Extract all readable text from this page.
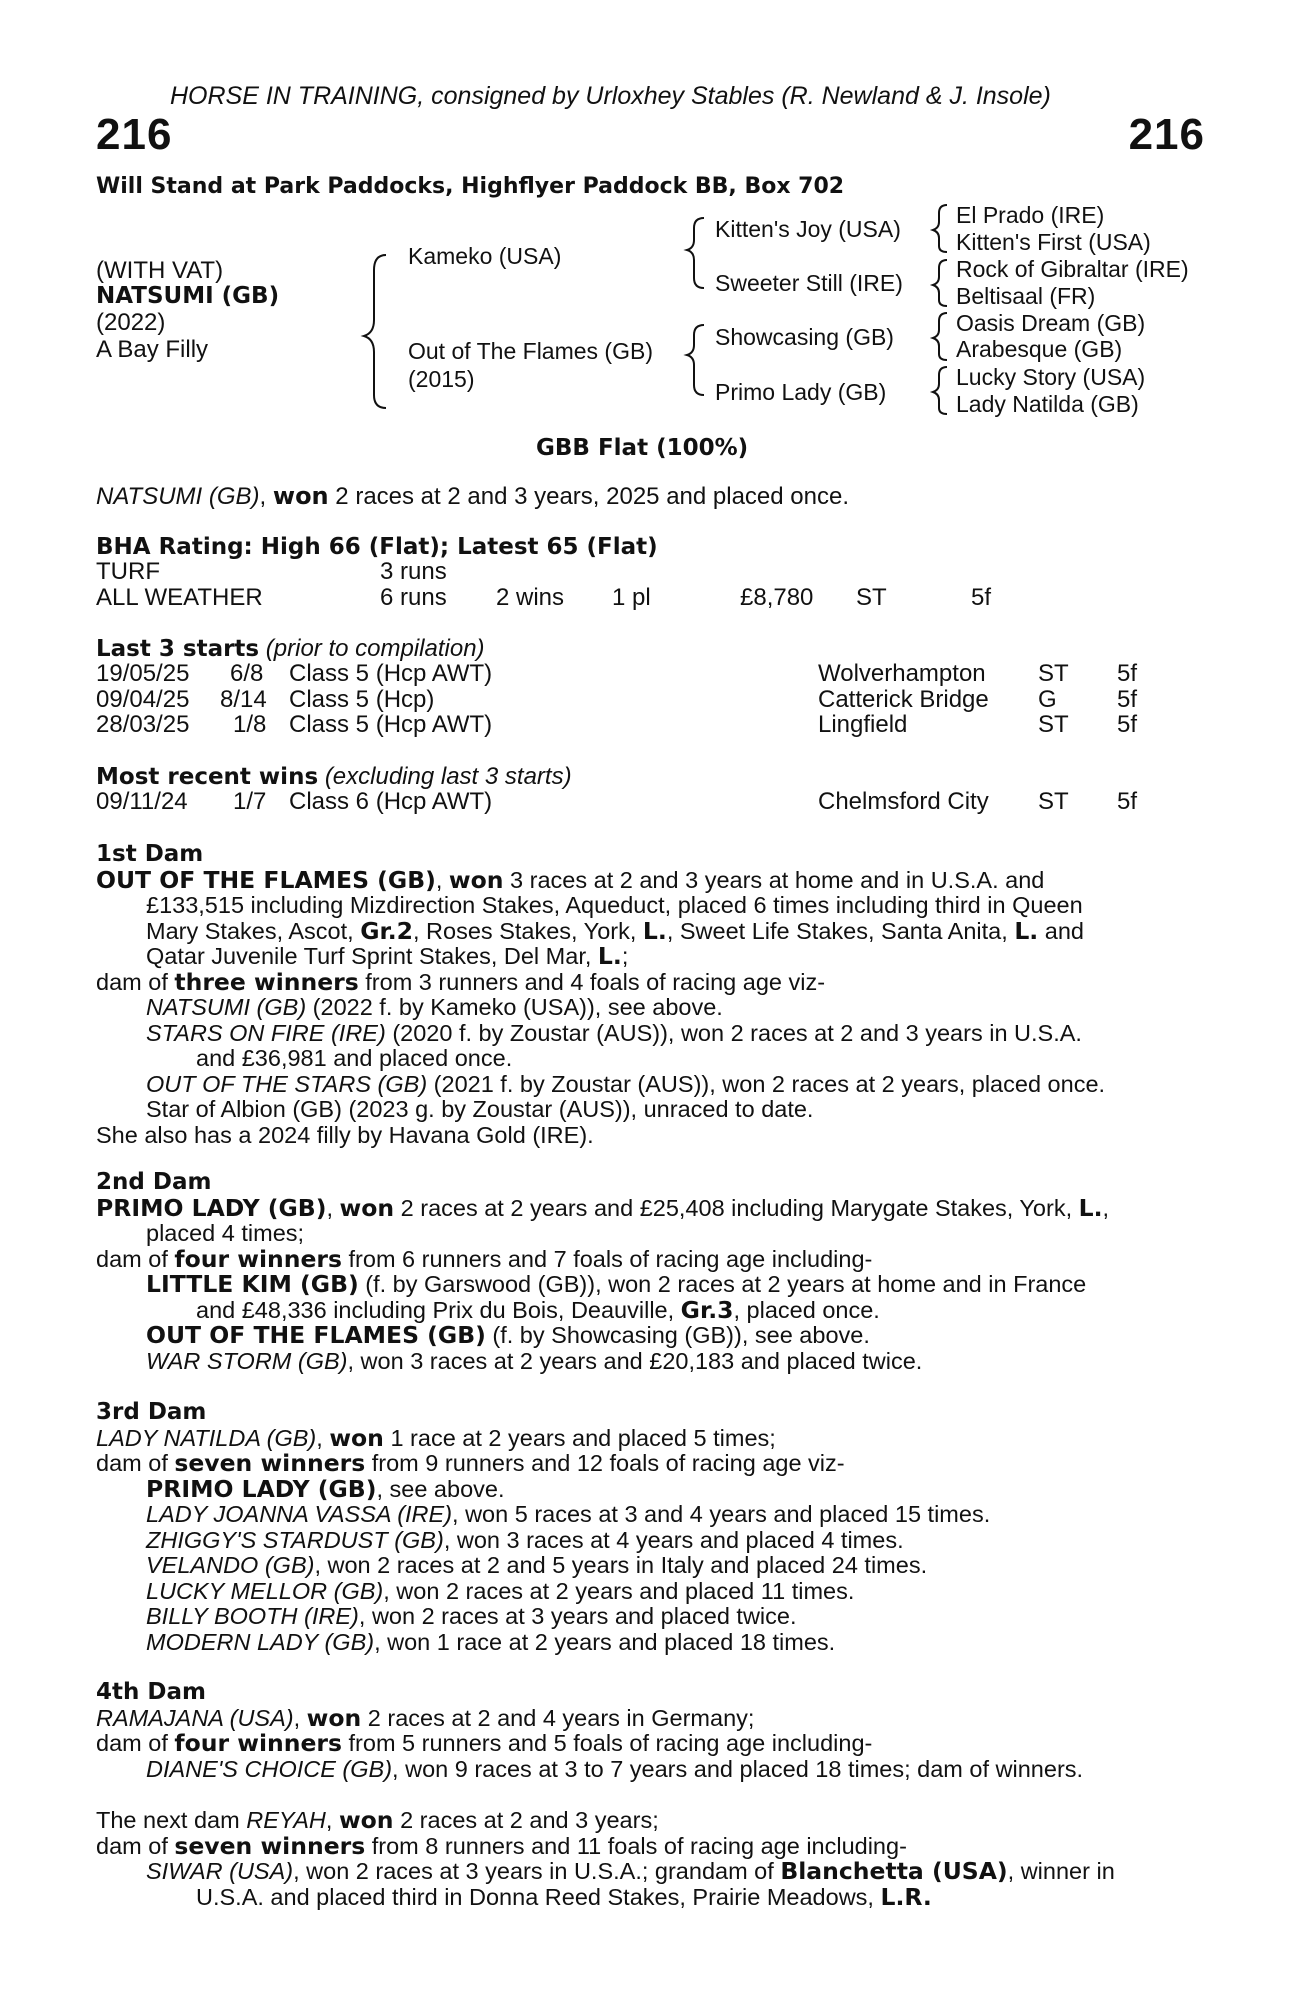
HORSE IN TRAINING, consigned by Urloxhey Stables (R. Newland & J. Insole)
216	216
Will Stand at Park Paddocks, Highflyer Paddock BB, Box 702
(WITH VAT)
NATSUMI (GB)
(2022)
A Bay Filly
Kameko (USA)
Out of The Flames (GB)
(2015)
Kitten's Joy (USA)
Sweeter Still (IRE)
Showcasing (GB)
Primo Lady (GB)
El Prado (IRE)
Kitten's First (USA)
Rock of Gibraltar (IRE)
Beltisaal (FR)
Oasis Dream (GB)
Arabesque (GB)
Lucky Story (USA)
Lady Natilda (GB)
GBB Flat (100%)
NATSUMI (GB), won 2 races at 2 and 3 years, 2025 and placed once.
BHA Rating: High 66 (Flat); Latest 65 (Flat)
TURF	3 runs
ALL WEATHER	6 runs 2 wins 1 pl	£8,780 ST	5f
Last 3 starts (prior to compilation)
19/05/25 6/8 Class 5 (Hcp AWT)	Wolverhampton ST 5f
09/04/25 8/14 Class 5 (Hcp)	Catterick Bridge G	5f
28/03/25 1/8 Class 5 (Hcp AWT)	Lingfield	ST 5f
Most recent wins (excluding last 3 starts)
09/11/24 1/7 Class 6 (Hcp AWT)	Chelmsford City ST 5f
1st Dam
OUT OF THE FLAMES (GB), won 3 races at 2 and 3 years at home and in U.S.A. and
£133,515 including Mizdirection Stakes, Aqueduct, placed 6 times including third in Queen
Mary Stakes, Ascot, Gr.2, Roses Stakes, York, L., Sweet Life Stakes, Santa Anita, L. and
Qatar Juvenile Turf Sprint Stakes, Del Mar, L.;
dam of three winners from 3 runners and 4 foals of racing age viz-
NATSUMI (GB) (2022 f. by Kameko (USA)), see above.
STARS ON FIRE (IRE) (2020 f. by Zoustar (AUS)), won 2 races at 2 and 3 years in U.S.A.
and £36,981 and placed once.
OUT OF THE STARS (GB) (2021 f. by Zoustar (AUS)), won 2 races at 2 years, placed once.
Star of Albion (GB) (2023 g. by Zoustar (AUS)), unraced to date.
She also has a 2024 filly by Havana Gold (IRE).
2nd Dam
PRIMO LADY (GB), won 2 races at 2 years and £25,408 including Marygate Stakes, York, L.,
placed 4 times;
dam of four winners from 6 runners and 7 foals of racing age including-
LITTLE KIM (GB) (f. by Garswood (GB)), won 2 races at 2 years at home and in France
and £48,336 including Prix du Bois, Deauville, Gr.3, placed once.
OUT OF THE FLAMES (GB) (f. by Showcasing (GB)), see above.
WAR STORM (GB), won 3 races at 2 years and £20,183 and placed twice.
3rd Dam
LADY NATILDA (GB), won 1 race at 2 years and placed 5 times;
dam of seven winners from 9 runners and 12 foals of racing age viz-
PRIMO LADY (GB), see above.
LADY JOANNA VASSA (IRE), won 5 races at 3 and 4 years and placed 15 times.
ZHIGGY'S STARDUST (GB), won 3 races at 4 years and placed 4 times.
VELANDO (GB), won 2 races at 2 and 5 years in Italy and placed 24 times.
LUCKY MELLOR (GB), won 2 races at 2 years and placed 11 times.
BILLY BOOTH (IRE), won 2 races at 3 years and placed twice.
MODERN LADY (GB), won 1 race at 2 years and placed 18 times.
4th Dam
RAMAJANA (USA), won 2 races at 2 and 4 years in Germany;
dam of four winners from 5 runners and 5 foals of racing age including-
DIANE'S CHOICE (GB), won 9 races at 3 to 7 years and placed 18 times; dam of winners.
The next dam REYAH, won 2 races at 2 and 3 years;
dam of seven winners from 8 runners and 11 foals of racing age including-
SIWAR (USA), won 2 races at 3 years in U.S.A.; grandam of Blanchetta (USA), winner in
U.S.A. and placed third in Donna Reed Stakes, Prairie Meadows, L.R.
